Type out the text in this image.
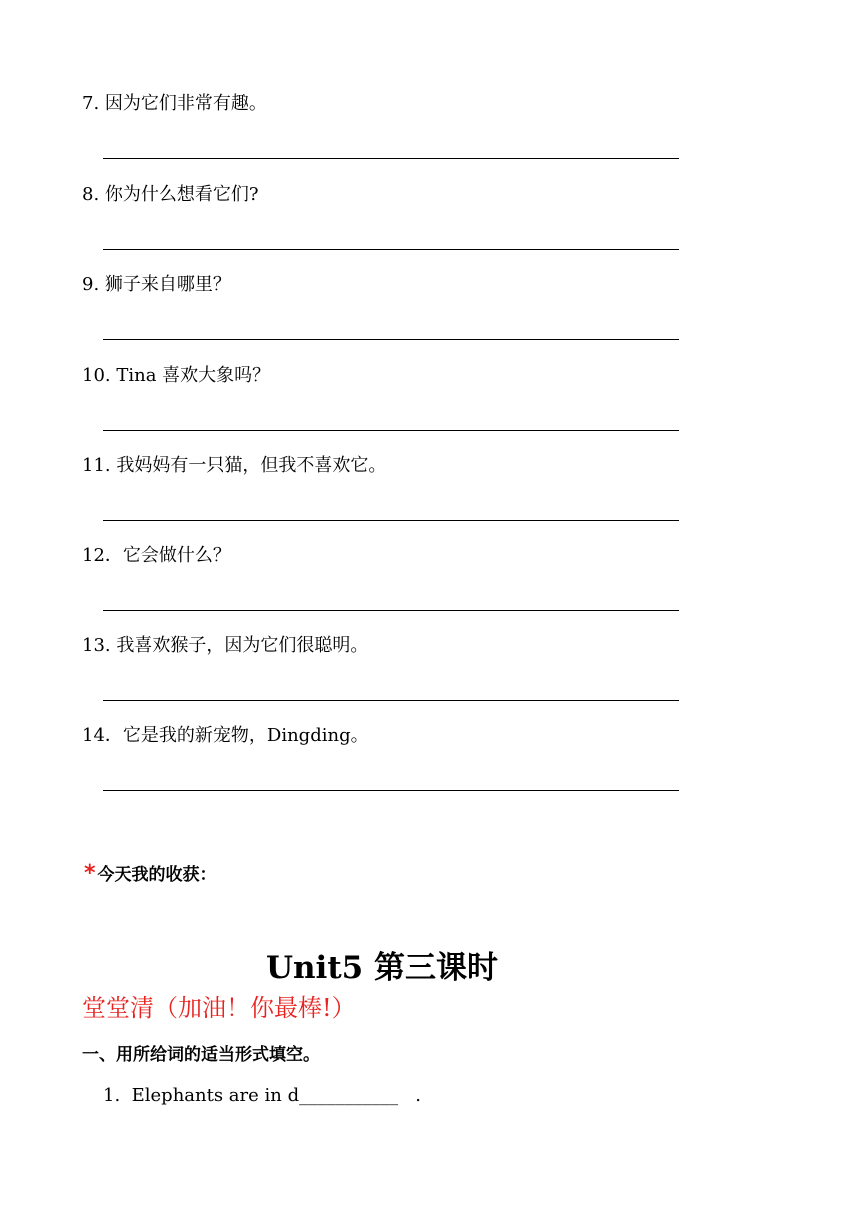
7. 因为它们非常有趣。
8. 你为什么想看它们?
9. 狮子来自哪里？
10. Tina 喜欢大象吗？
11. 我妈妈有一只猫，但我不喜欢它。
12．它会做什么？
13. 我喜欢猴子，因为它们很聪明。
14．它是我的新宠物，Dingding。
* 今天我的收获：
Unit5 第三课时
堂堂清（加油！你最棒!）
一、用所给词的适当形式填空。
1.  Elephants are in d___________   .
